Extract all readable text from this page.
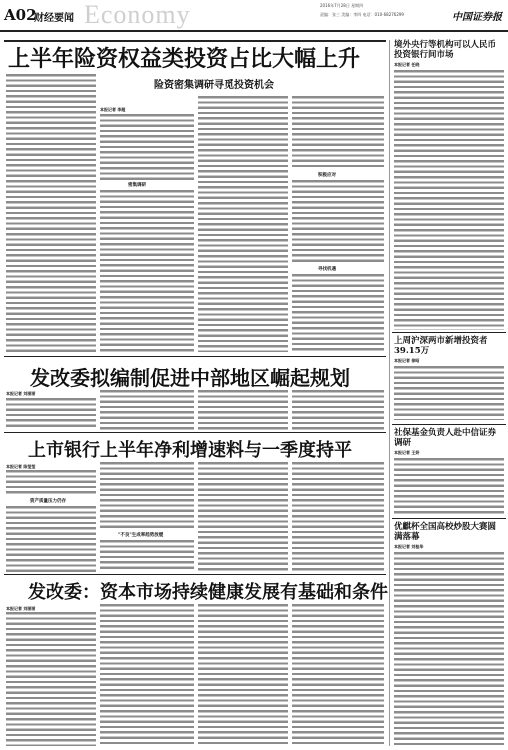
A02
财经要闻 Economy	2016年7月28日 星期四
责编：张三 美编：李四 电话：010-68276299	中国证券报
上半年险资权益类投资占比大幅上升
险资密集调研寻觅投资机会
本报记者 李超
密集调研
积极应对
寻找机遇
发改委拟编制促进中部地区崛起规划
本报记者 刘丽丽
上市银行上半年净利增速料与一季度持平
本报记者 陈莹莹
资产质量压力仍存
"不良"生成率趋势放缓
发改委：资本市场持续健康发展有基础和条件
本报记者 刘丽丽
境外央行等机构可以人民币投资银行间市场
本报记者 任晓
上周沪深两市新增投资者39.15万
本报记者 徐昭
社保基金负责人赴中信证券调研
本报记者 王妍
优麒杯全国高校炒股大赛圆满落幕
本报记者 刘桂华
